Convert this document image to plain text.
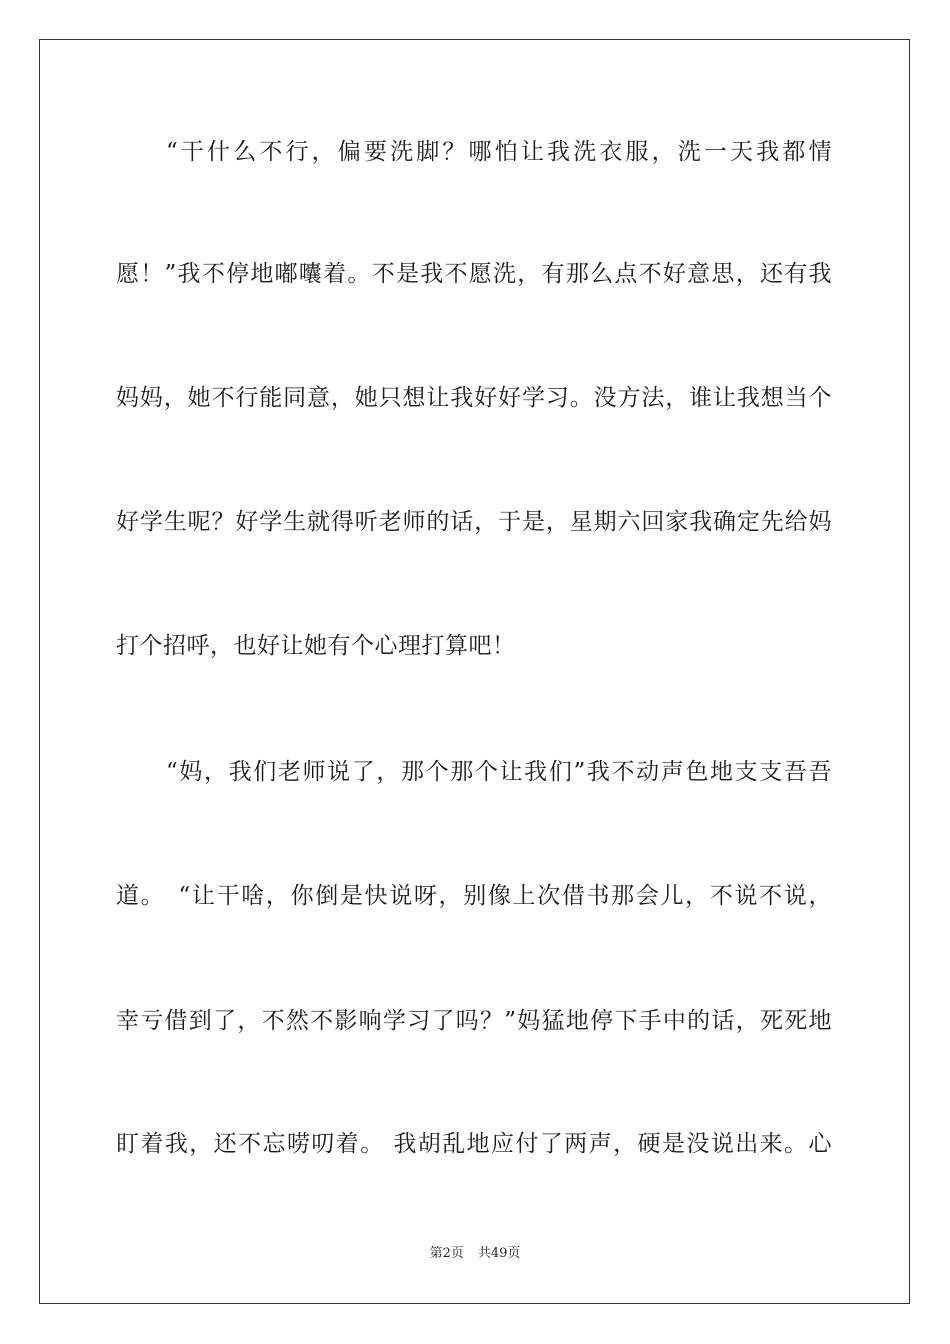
“干什么不行，偏要洗脚？哪怕让我洗衣服，洗一天我都情
愿！”我不停地嘟囔着。不是我不愿洗，有那么点不好意思，还有我
妈妈，她不行能同意，她只想让我好好学习。没方法，谁让我想当个
好学生呢？好学生就得听老师的话，于是，星期六回家我确定先给妈
打个招呼，也好让她有个心理打算吧！
“妈，我们老师说了，那个那个让我们”我不动声色地支支吾吾
道。　“让干啥，你倒是快说呀，别像上次借书那会儿，不说不说，
幸亏借到了，不然不影响学习了吗？”妈猛地停下手中的话，死死地
盯着我，还不忘唠叨着。 我胡乱地应付了两声，硬是没说出来。心
第2页 共49页
